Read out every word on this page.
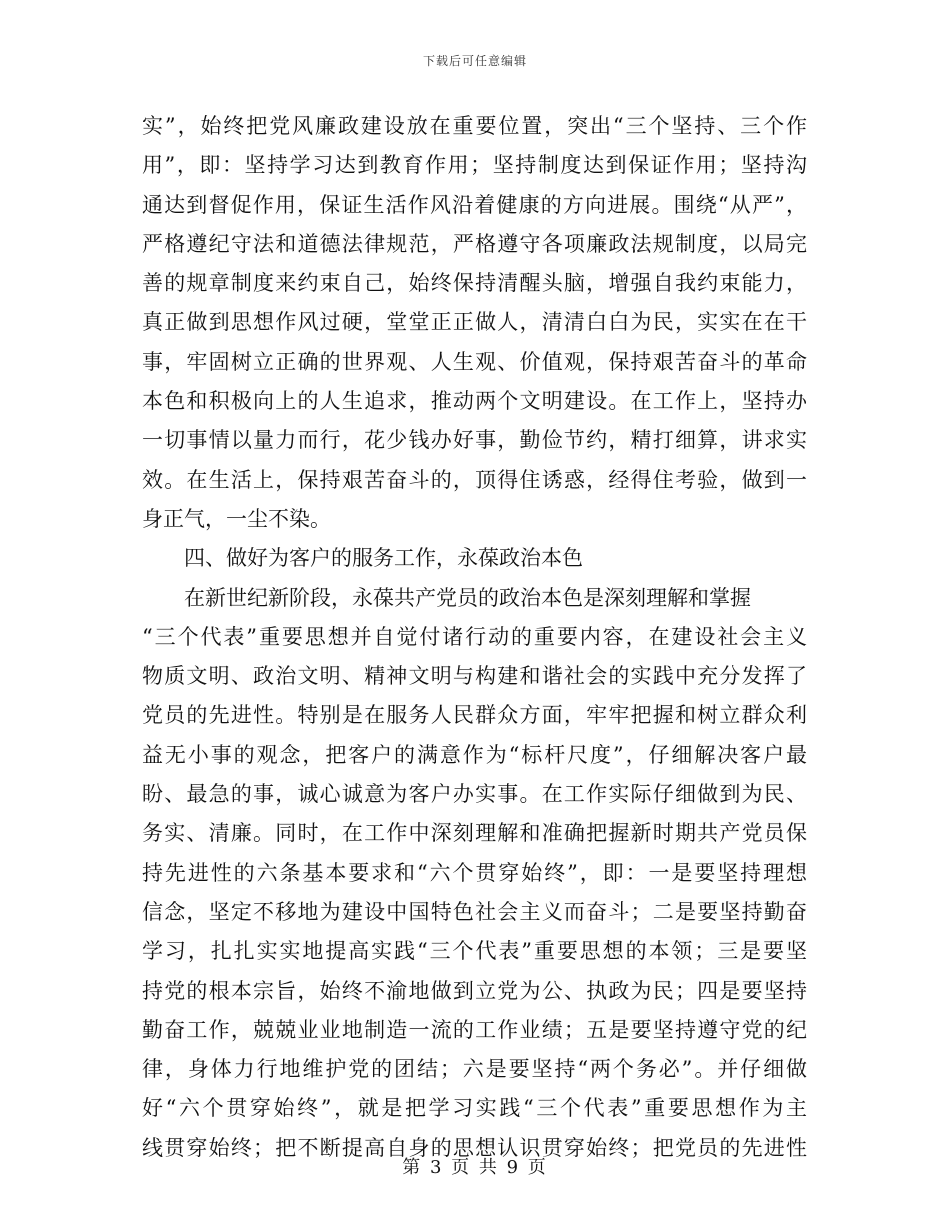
下载后可任意编辑
实”，始终把党风廉政建设放在重要位置，突出“三个坚持、三个作
用”，即：坚持学习达到教育作用；坚持制度达到保证作用；坚持沟
通达到督促作用，保证生活作风沿着健康的方向进展。围绕“从严”，
严格遵纪守法和道德法律规范，严格遵守各项廉政法规制度，以局完
善的规章制度来约束自己，始终保持清醒头脑，增强自我约束能力，
真正做到思想作风过硬，堂堂正正做人，清清白白为民，实实在在干
事，牢固树立正确的世界观、人生观、价值观，保持艰苦奋斗的革命
本色和积极向上的人生追求，推动两个文明建设。在工作上，坚持办
一切事情以量力而行，花少钱办好事，勤俭节约，精打细算，讲求实
效。在生活上，保持艰苦奋斗的，顶得住诱惑，经得住考验，做到一
身正气，一尘不染。
四、做好为客户的服务工作，永葆政治本色
在新世纪新阶段，永葆共产党员的政治本色是深刻理解和掌握
“三个代表”重要思想并自觉付诸行动的重要内容，在建设社会主义
物质文明、政治文明、精神文明与构建和谐社会的实践中充分发挥了
党员的先进性。特别是在服务人民群众方面，牢牢把握和树立群众利
益无小事的观念，把客户的满意作为“标杆尺度”，仔细解决客户最
盼、最急的事，诚心诚意为客户办实事。在工作实际仔细做到为民、
务实、清廉。同时，在工作中深刻理解和准确把握新时期共产党员保
持先进性的六条基本要求和“六个贯穿始终”，即：一是要坚持理想
信念，坚定不移地为建设中国特色社会主义而奋斗；二是要坚持勤奋
学习，扎扎实实地提高实践“三个代表”重要思想的本领；三是要坚
持党的根本宗旨，始终不渝地做到立党为公、执政为民；四是要坚持
勤奋工作，兢兢业业地制造一流的工作业绩；五是要坚持遵守党的纪
律，身体力行地维护党的团结；六是要坚持“两个务必”。并仔细做
好“六个贯穿始终”，就是把学习实践“三个代表”重要思想作为主
线贯穿始终；把不断提高自身的思想认识贯穿始终；把党员的先进性
第 3 页 共 9 页
